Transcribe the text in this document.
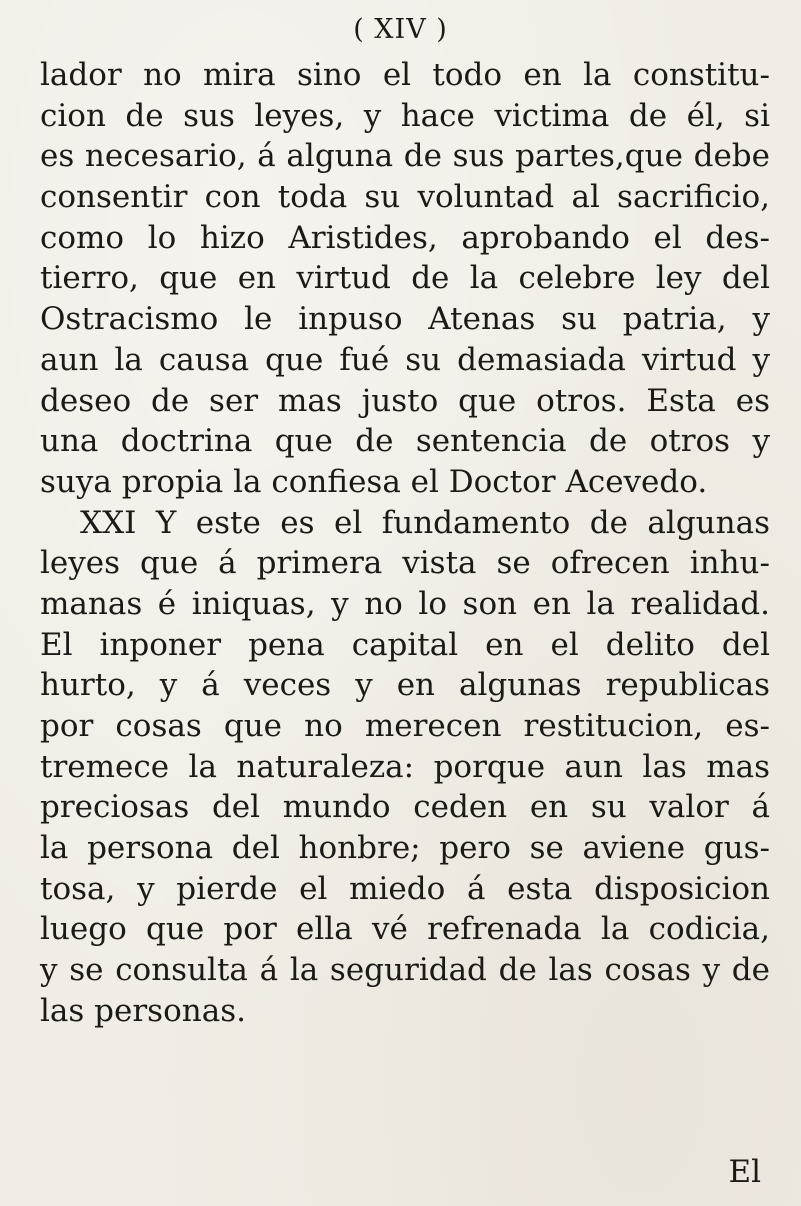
( XIV )
lador no mira sino el todo en la constitu-
cion de sus leyes, y hace victima de él, si
es necesario, á alguna de sus partes,que debe
consentir con toda su voluntad al sacrificio,
como lo hizo Aristides, aprobando el des-
tierro, que en virtud de la celebre ley del
Ostracismo le inpuso Atenas su patria, y
aun la causa que fué su demasiada virtud y
deseo de ser mas justo que otros. Esta es
una doctrina que de sentencia de otros y
suya propia la confiesa el Doctor Acevedo.
XXI Y este es el fundamento de algunas
leyes que á primera vista se ofrecen inhu-
manas é iniquas, y no lo son en la realidad.
El inponer pena capital en el delito del
hurto, y á veces y en algunas republicas
por cosas que no merecen restitucion, es-
tremece la naturaleza: porque aun las mas
preciosas del mundo ceden en su valor á
la persona del honbre; pero se aviene gus-
tosa, y pierde el miedo á esta disposicion
luego que por ella vé refrenada la codicia,
y se consulta á la seguridad de las cosas y de
las personas.
El
